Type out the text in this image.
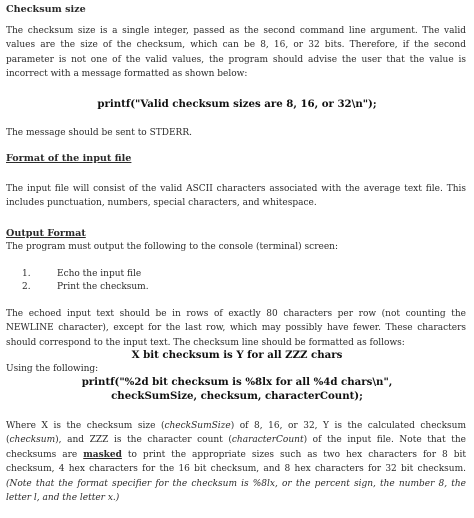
Checksum size

The checksum size is a single integer, passed as the second command line argument. The valid values are the size of the checksum, which can be 8, 16, or 32 bits. Therefore, if the second parameter is not one of the valid values, the program should advise the user that the value is incorrect with a message formatted as shown below:

printf("Valid checksum sizes are 8, 16, or 32\n");

The message should be sent to STDERR.

Format of the input file

The input file will consist of the valid ASCII characters associated with the average text file. This includes punctuation, numbers, special characters, and whitespace.

Output Format

The program must output the following to the console (terminal) screen:

1.	Echo the input file
2.	Print the checksum.

The echoed input text should be in rows of exactly 80 characters per row (not counting the NEWLINE character), except for the last row, which may possibly have fewer. These characters should correspond to the input text. The checksum line should be formatted as follows:

X bit checksum is Y for all ZZZ chars

Using the following:

printf("%2d bit checksum is %8lx for all %4d chars\n",
checkSumSize, checksum, characterCount);

Where X is the checksum size (checkSumSize) of 8, 16, or 32, Y is the calculated checksum (checksum), and ZZZ is the character count (characterCount) of the input file. Note that the checksums are masked to print the appropriate sizes such as two hex characters for 8 bit checksum, 4 hex characters for the 16 bit checksum, and 8 hex characters for 32 bit checksum. (Note that the format specifier for the checksum is %8lx, or the percent sign, the number 8, the letter l, and the letter x.)
